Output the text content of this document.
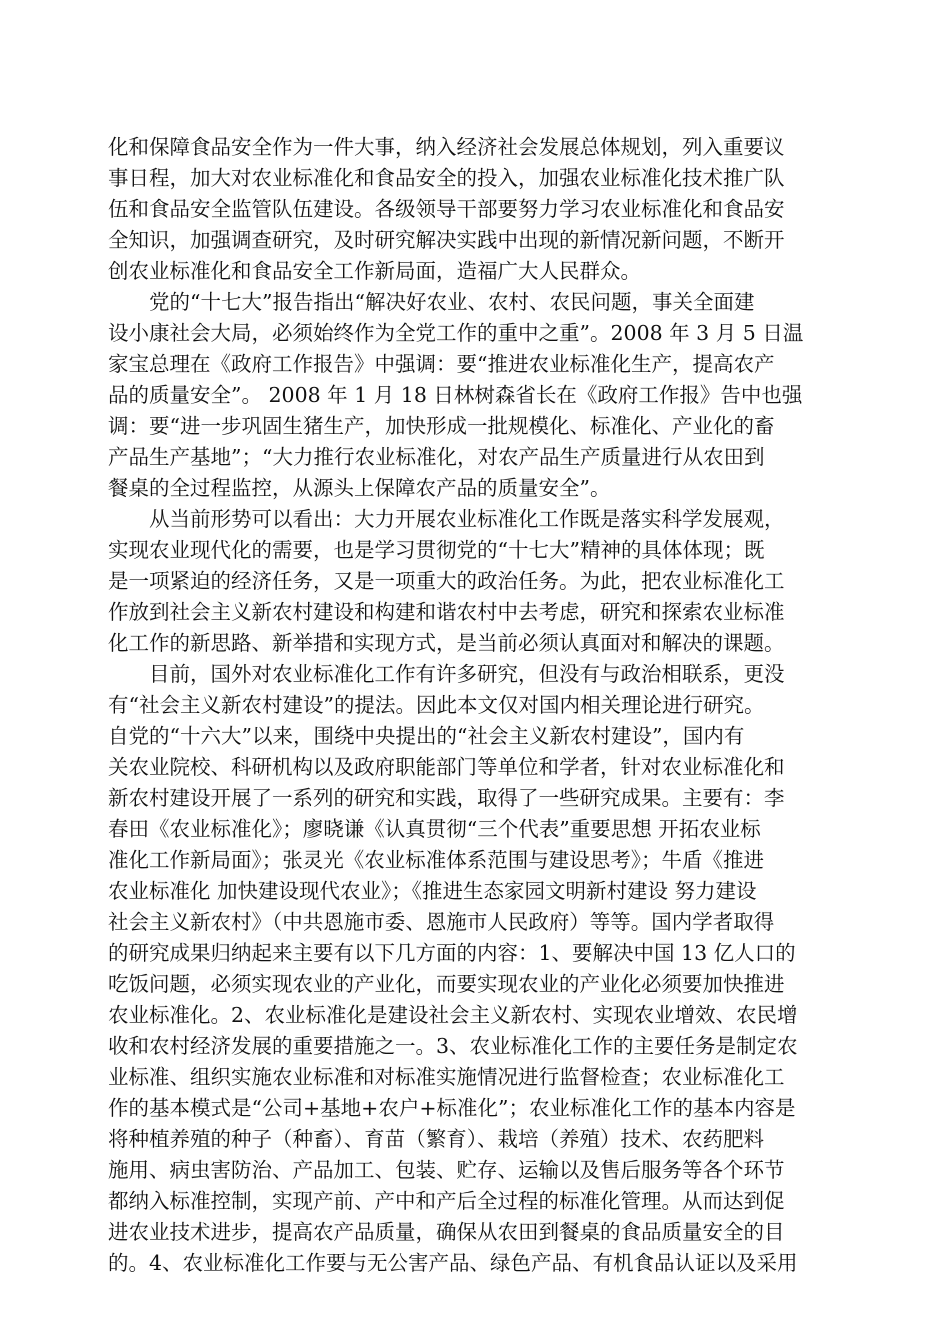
化和保障食品安全作为一件大事，纳入经济社会发展总体规划，列入重要议
事日程，加大对农业标准化和食品安全的投入，加强农业标准化技术推广队
伍和食品安全监管队伍建设。各级领导干部要努力学习农业标准化和食品安
全知识，加强调查研究，及时研究解决实践中出现的新情况新问题，不断开
创农业标准化和食品安全工作新局面，造福广大人民群众。
　　党的“十七大”报告指出“解决好农业、农村、农民问题，事关全面建
设小康社会大局，必须始终作为全党工作的重中之重”。2008 年 3 月 5 日温
家宝总理在《政府工作报告》中强调：要“推进农业标准化生产，提高农产
品的质量安全”。 2008 年 1 月 18 日林树森省长在《政府工作报》告中也强
调：要“进一步巩固生猪生产，加快形成一批规模化、标准化、产业化的畜
产品生产基地”；“大力推行农业标准化，对农产品生产质量进行从农田到
餐桌的全过程监控，从源头上保障农产品的质量安全”。
　　从当前形势可以看出：大力开展农业标准化工作既是落实科学发展观，
实现农业现代化的需要，也是学习贯彻党的“十七大”精神的具体体现；既
是一项紧迫的经济任务，又是一项重大的政治任务。为此，把农业标准化工
作放到社会主义新农村建设和构建和谐农村中去考虑，研究和探索农业标准
化工作的新思路、新举措和实现方式，是当前必须认真面对和解决的课题。
　　目前，国外对农业标准化工作有许多研究，但没有与政治相联系，更没
有“社会主义新农村建设”的提法。因此本文仅对国内相关理论进行研究。
自党的“十六大”以来，围绕中央提出的“社会主义新农村建设”，国内有
关农业院校、科研机构以及政府职能部门等单位和学者，针对农业标准化和
新农村建设开展了一系列的研究和实践，取得了一些研究成果。主要有：李
春田《农业标准化》；廖晓谦《认真贯彻“三个代表”重要思想 开拓农业标
准化工作新局面》；张灵光《农业标准体系范围与建设思考》；牛盾《推进
农业标准化 加快建设现代农业》；《推进生态家园文明新村建设 努力建设
社会主义新农村》（中共恩施市委、恩施市人民政府）等等。国内学者取得
的研究成果归纳起来主要有以下几方面的内容：1、要解决中国 13 亿人口的
吃饭问题，必须实现农业的产业化，而要实现农业的产业化必须要加快推进
农业标准化。2、农业标准化是建设社会主义新农村、实现农业增效、农民增
收和农村经济发展的重要措施之一。3、农业标准化工作的主要任务是制定农
业标准、组织实施农业标准和对标准实施情况进行监督检查；农业标准化工
作的基本模式是“公司+基地+农户+标准化”；农业标准化工作的基本内容是
将种植养殖的种子（种畜）、育苗（繁育）、栽培（养殖）技术、农药肥料
施用、病虫害防治、产品加工、包装、贮存、运输以及售后服务等各个环节
都纳入标准控制，实现产前、产中和产后全过程的标准化管理。从而达到促
进农业技术进步，提高农产品质量，确保从农田到餐桌的食品质量安全的目
的。4、农业标准化工作要与无公害产品、绿色产品、有机食品认证以及采用
